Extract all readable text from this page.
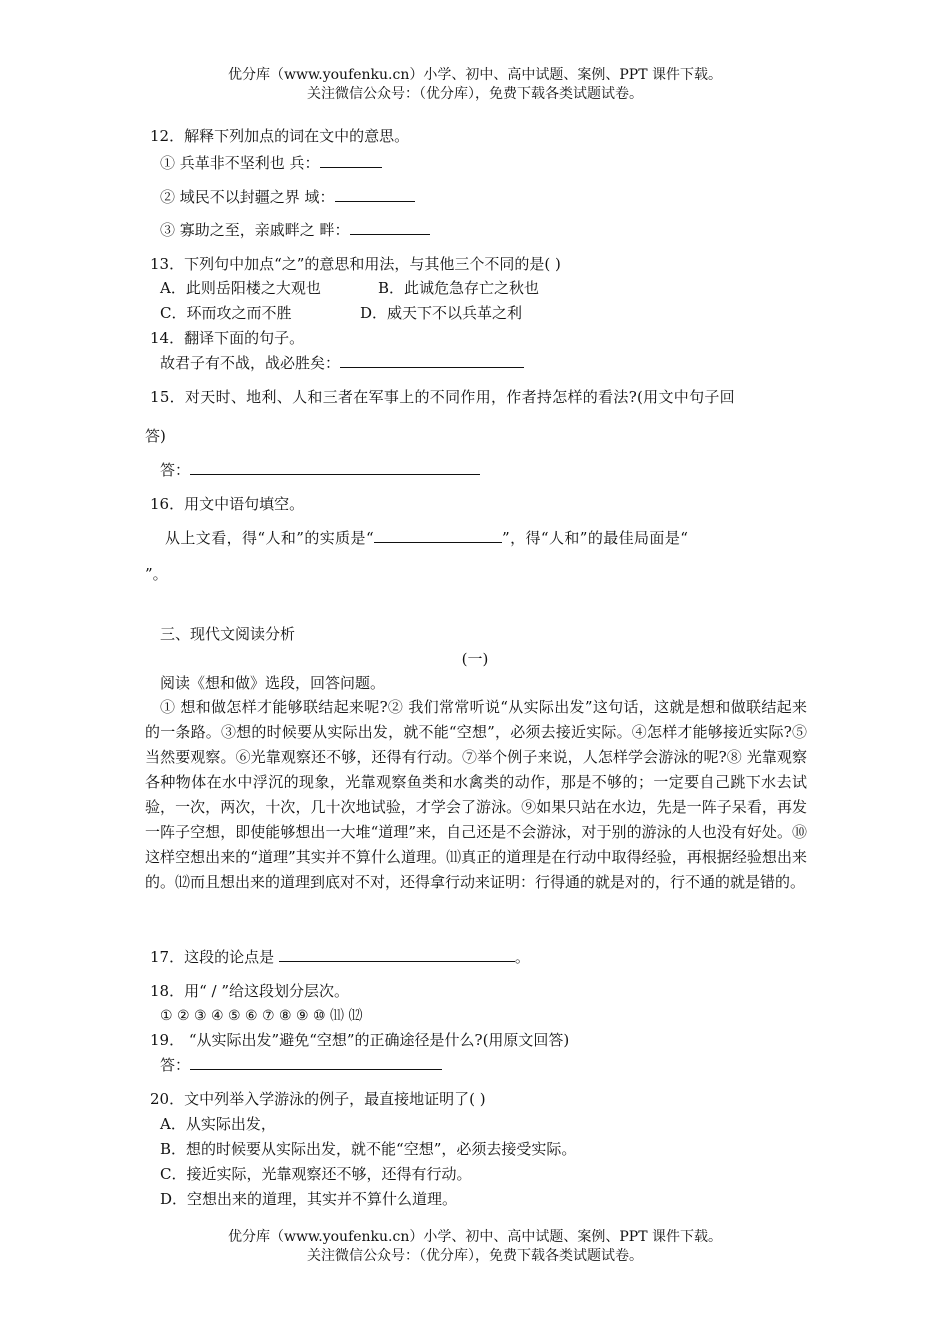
优分库（www.youfenku.cn）小学、初中、高中试题、案例、PPT 课件下载。
关注微信公众号：（优分库），免费下载各类试题试卷。
12．解释下列加点的词在文中的意思。
① 兵革非不坚利也 兵：
② 域民不以封疆之界 域：
③ 寡助之至，亲戚畔之 畔：
13．下列句中加点“之”的意思和用法，与其他三个不同的是( )
A．此则岳阳楼之大观也	B．此诚危急存亡之秋也
C．环而攻之而不胜	D．威天下不以兵革之利
14．翻译下面的句子。
故君子有不战，战必胜矣：
15．对天时、地利、人和三者在军事上的不同作用，作者持怎样的看法?(用文中句子回
答)
答：
16．用文中语句填空。
从上文看，得“人和”的实质是“	”，得“人和”的最佳局面是“
”。
三、现代文阅读分析
(一)
阅读《想和做》选段，回答问题。
① 想和做怎样才能够联结起来呢?② 我们常常听说“从实际出发”这句话，这就是想和做联结起来的一条路。③想的时候要从实际出发，就不能“空想”，必须去接近实际。④怎样才能够接近实际?⑤ 当然要观察。⑥光靠观察还不够，还得有行动。⑦举个例子来说，人怎样学会游泳的呢?⑧ 光靠观察各种物体在水中浮沉的现象，光靠观察鱼类和水禽类的动作，那是不够的；一定要自己跳下水去试验，一次，两次，十次，几十次地试验，才学会了游泳。⑨如果只站在水边，先是一阵子呆看，再发一阵子空想，即使能够想出一大堆“道理”来，自己还是不会游泳，对于别的游泳的人也没有好处。⑩这样空想出来的“道理”其实并不算什么道理。⑾真正的道理是在行动中取得经验，再根据经验想出来的。⑿而且想出来的道理到底对不对，还得拿行动来证明：行得通的就是对的，行不通的就是错的。
17．这段的论点是	。
18．用“ / ”给这段划分层次。
① ② ③ ④ ⑤ ⑥ ⑦ ⑧ ⑨ ⑩ ⑾ ⑿
19． “从实际出发”避免“空想”的正确途径是什么?(用原文回答)
答：
20．文中列举入学游泳的例子，最直接地证明了( )
A．从实际出发，
B．想的时候要从实际出发，就不能“空想”，必须去接受实际。
C．接近实际，光靠观察还不够，还得有行动。
D．空想出来的道理，其实并不算什么道理。
优分库（www.youfenku.cn）小学、初中、高中试题、案例、PPT 课件下载。
关注微信公众号：（优分库），免费下载各类试题试卷。
